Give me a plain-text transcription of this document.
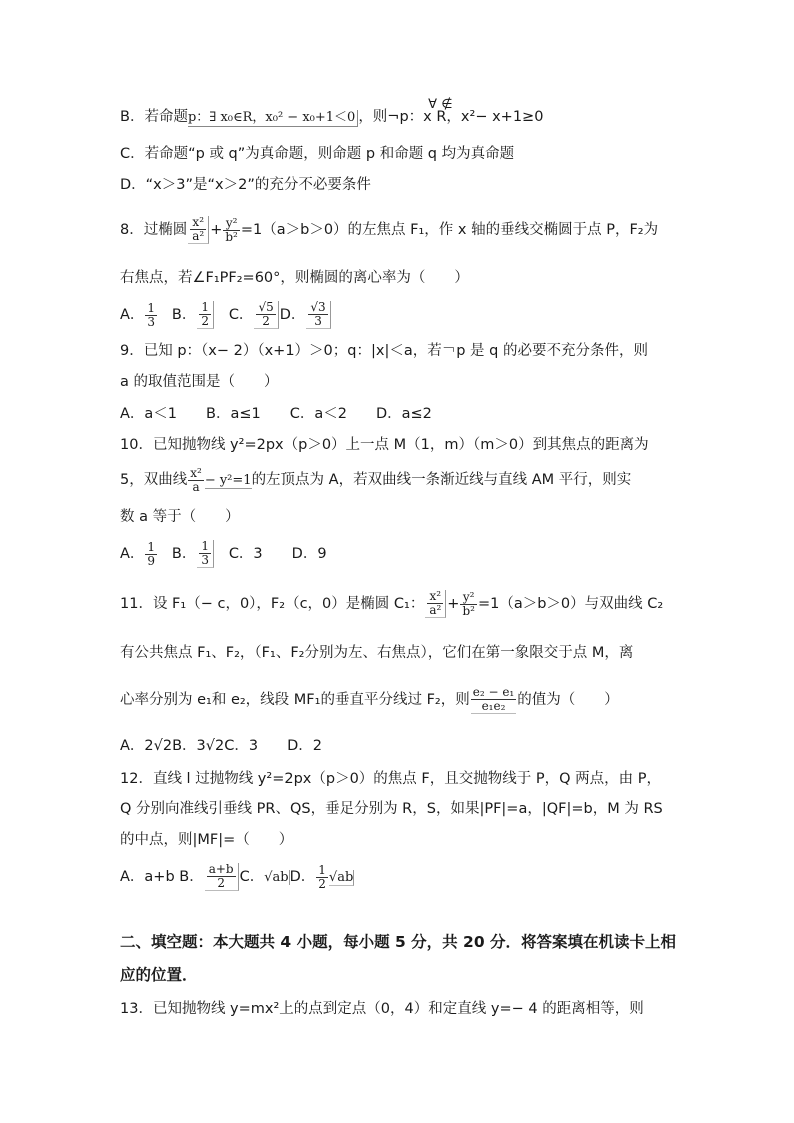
B．若命题p：∃ x₀∈R，x₀² − x₀+1＜0 ，则¬p：
∀ ∉
x R，x²− x+1≥0
C．若命题“p 或 q”为真命题，则命题 p 和命题 q 均为真命题
D．“x＞3”是“x＞2”的充分不必要条件
8．过椭圆 $\frac{\text{x²}}{\text{a²}} + \frac{\text{y²}}{\text{b²}} =1(a>b>0)$的左焦点 F₁，作 x 轴的垂线交椭圆于点 P，F₂为
右焦点，若∠F₁PF₂=60°，则椭圆的离心率为（　　）
A． $\frac{1}{3}$ B． $\frac{1}{2}$ C． $\frac{√5}{2}$ D． $\frac{√3}{3}$
9．已知 p：（x− 2）（x+1）＞0；q：|x|＜a，若￢p 是 q 的必要不充分条件，则
a 的取值范围是（　　）
A．a＜1　　B．a≤1　　C．a＜2　　D．a≤2
10．已知抛物线 y²=2px（p＞0）上一点 M（1，m）（m＞0）到其焦点的距离为
5，双曲线 $\frac{\text{x²}}{a} - y^2=1$的左顶点为 A，若双曲线一条渐近线与直线 AM 平行，则实
数 a 等于（　　）
A． $\frac{1}{9}$ B． $\frac{1}{3}$ C．3　　D．9
11．设 F₁（− c，0），F₂（c，0）是椭圆 C₁： $\frac{\text{x²}}{\text{a²}} + \frac{\text{y²}}{\text{b²}} =1(a>b>0)$与双曲线 C₂
有公共焦点 F₁、F₂，（F₁、F₂分别为左、右焦点），它们在第一象限交于点 M，离
心率分别为 e₁和 e₂，线段 MF₁的垂直平分线过 F₂，则 $\frac{\text{e₂ − e₁}}{\text{e₁e₂}}$ 的值为（　　）
A．2√2B．3√2C．3　　D．2
12．直线 l 过抛物线 y²=2px（p＞0）的焦点 F，且交抛物线于 P，Q 两点，由 P，
Q 分别向准线引垂线 PR、QS，垂足分别为 R，S，如果|PF|=a，|QF|=b，M 为 RS
的中点，则|MF|=（　　）
A．a+b B． $\frac{a+b}{2}$ C．√abD． $\frac{1}{2} √ab$
二、填空题：本大题共 4 小题，每小题 5 分，共 20 分．将答案填在机读卡上相
应的位置．
13．已知抛物线 y=mx²上的点到定点（0，4）和定直线 y=− 4 的距离相等，则
